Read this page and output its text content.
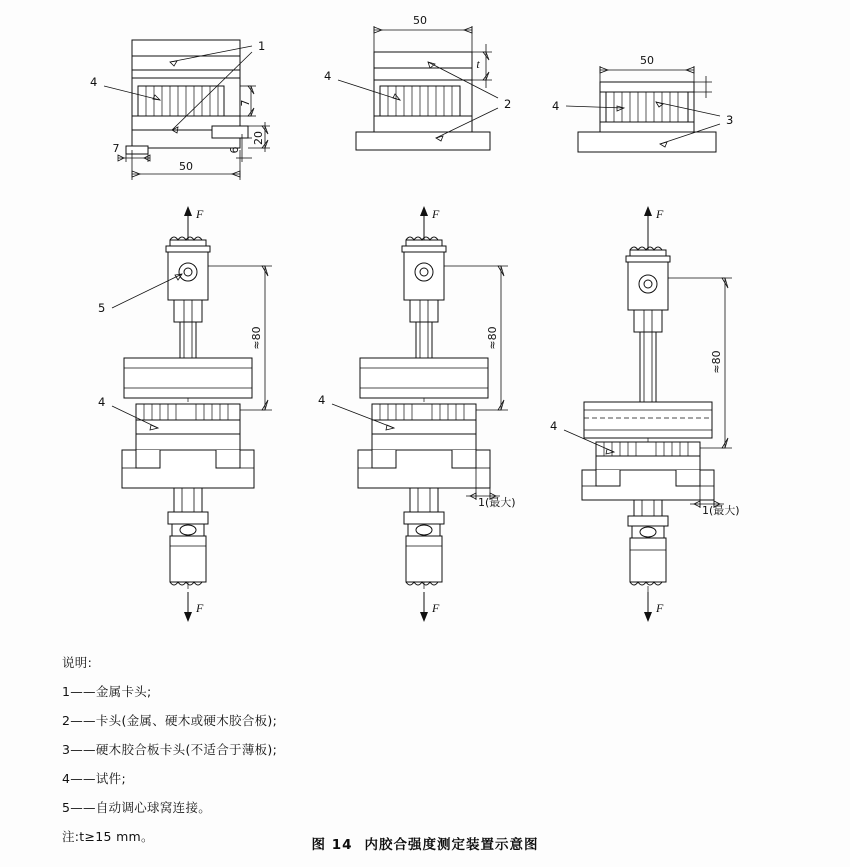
7
50
7
20
6
1
4
50
t
2
4
50
3
4
F
F
≈80
5
4
F
F
≈80
1(最大)
4
F
F
≈80
1(最大)
4
说明:
1——金属卡头;
2——卡头(金属、硬木或硬木胶合板);
3——硬木胶合板卡头(不适合于薄板);
4——试件;
5——自动调心球窝连接。
注:t≥15 mm。
图 14 内胶合强度测定装置示意图
